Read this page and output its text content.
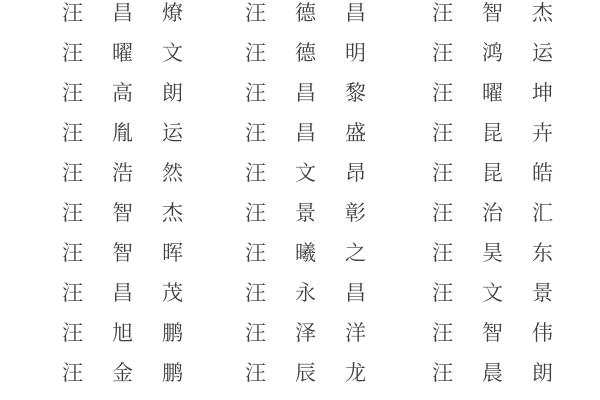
汪昌燎	汪德昌	汪智杰
汪曜文	汪德明	汪鸿运
汪高朗	汪昌黎	汪曜坤
汪胤运	汪昌盛	汪昆卉
汪浩然	汪文昂	汪昆皓
汪智杰	汪景彰	汪治汇
汪智晖	汪曦之	汪昊东
汪昌茂	汪永昌	汪文景
汪旭鹏	汪泽洋	汪智伟
汪金鹏	汪辰龙	汪晨朗
